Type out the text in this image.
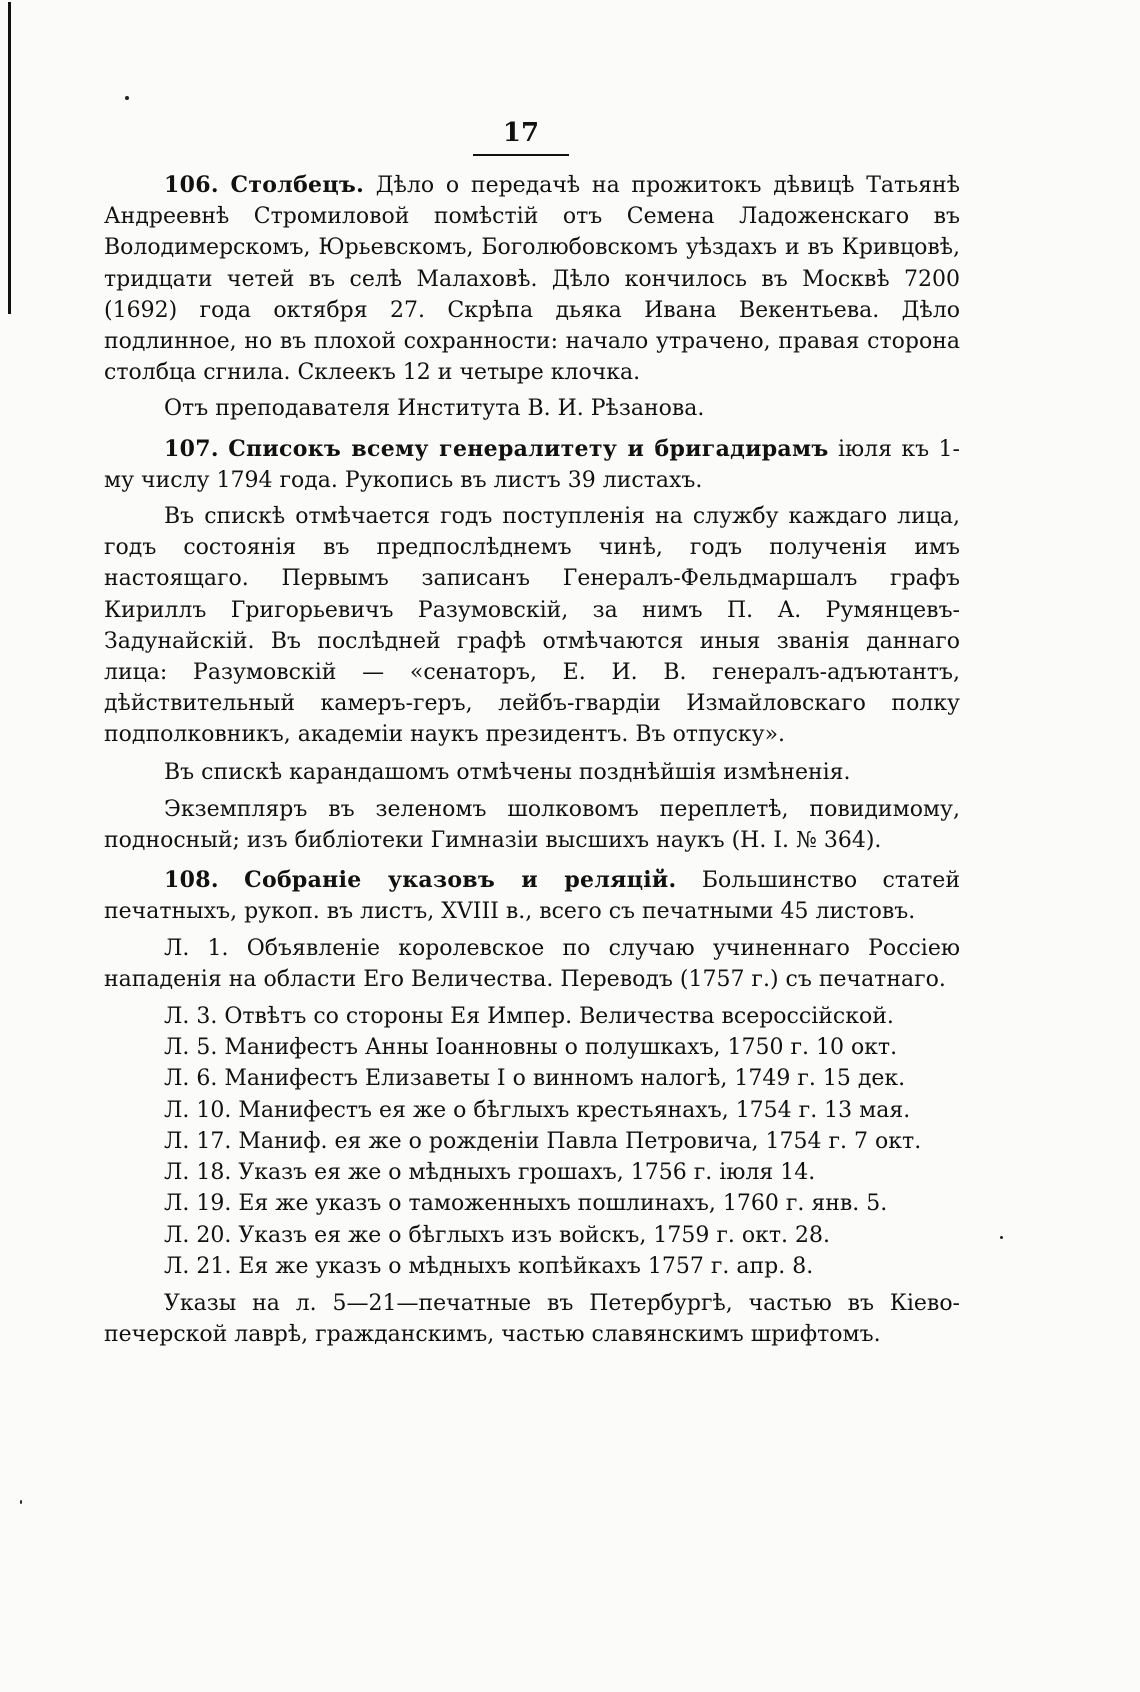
17

106. Столбецъ. Дѣло о передачѣ на прожитокъ дѣвицѣ Татьянѣ Андреевнѣ Стромиловой помѣстій отъ Семена Ладоженскаго въ Володимерскомъ, Юрьевскомъ, Боголюбовскомъ уѣздахъ и въ Кривцовѣ, тридцати четей въ селѣ Малаховѣ. Дѣло кончилось въ Москвѣ 7200 (1692) года октября 27. Скрѣпа дьяка Ивана Векентьева. Дѣло подлинное, но въ плохой сохранности: начало утрачено, правая сторона столбца сгнила. Склеекъ 12 и четыре клочка.

Отъ преподавателя Института В. И. Рѣзанова.

107. Списокъ всему генералитету и бригадирамъ іюля къ 1-му числу 1794 года. Рукопись въ листъ 39 листахъ.

Въ спискѣ отмѣчается годъ поступленія на службу каждаго лица, годъ состоянія въ предпослѣднемъ чинѣ, годъ полученія имъ настоящаго. Первымъ записанъ Генералъ-Фельдмаршалъ графъ Кириллъ Григорьевичъ Разумовскій, за нимъ П. А. Румянцевъ-Задунайскій. Въ послѣдней графѣ отмѣчаются иныя званія даннаго лица: Разумовскій — «сенаторъ, Е. И. В. генералъ-адъютантъ, дѣйствительный камеръ-геръ, лейбъ-гвардіи Измайловскаго полку подполковникъ, академіи наукъ президентъ. Въ отпуску».

Въ спискѣ карандашомъ отмѣчены позднѣйшія измѣненія.

Экземпляръ въ зеленомъ шолковомъ переплетѣ, повидимому, подносный; изъ библіотеки Гимназіи высшихъ наукъ (Н. I. № 364).

108. Собраніе указовъ и реляцій. Большинство статей печатныхъ, рукоп. въ листъ, XVIII в., всего съ печатными 45 листовъ.

Л. 1. Объявленіе королевское по случаю учиненнаго Россіею нападенія на области Его Величества. Переводъ (1757 г.) съ печатнаго.

Л. 3. Отвѣтъ со стороны Ея Импер. Величества всероссійской.

Л. 5. Манифестъ Анны Іоанновны о полушкахъ, 1750 г. 10 окт.

Л. 6. Манифестъ Елизаветы I о винномъ налогѣ, 1749 г. 15 дек.

Л. 10. Манифестъ ея же о бѣглыхъ крестьянахъ, 1754 г. 13 мая.

Л. 17. Маниф. ея же о рожденіи Павла Петровича, 1754 г. 7 окт.

Л. 18. Указъ ея же о мѣдныхъ грошахъ, 1756 г. іюля 14.

Л. 19. Ея же указъ о таможенныхъ пошлинахъ, 1760 г. янв. 5.

Л. 20. Указъ ея же о бѣглыхъ изъ войскъ, 1759 г. окт. 28.

Л. 21. Ея же указъ о мѣдныхъ копѣйкахъ 1757 г. апр. 8.

Указы на л. 5—21—печатные въ Петербургѣ, частью въ Кіево-печерской лаврѣ, гражданскимъ, частью славянскимъ шрифтомъ.
